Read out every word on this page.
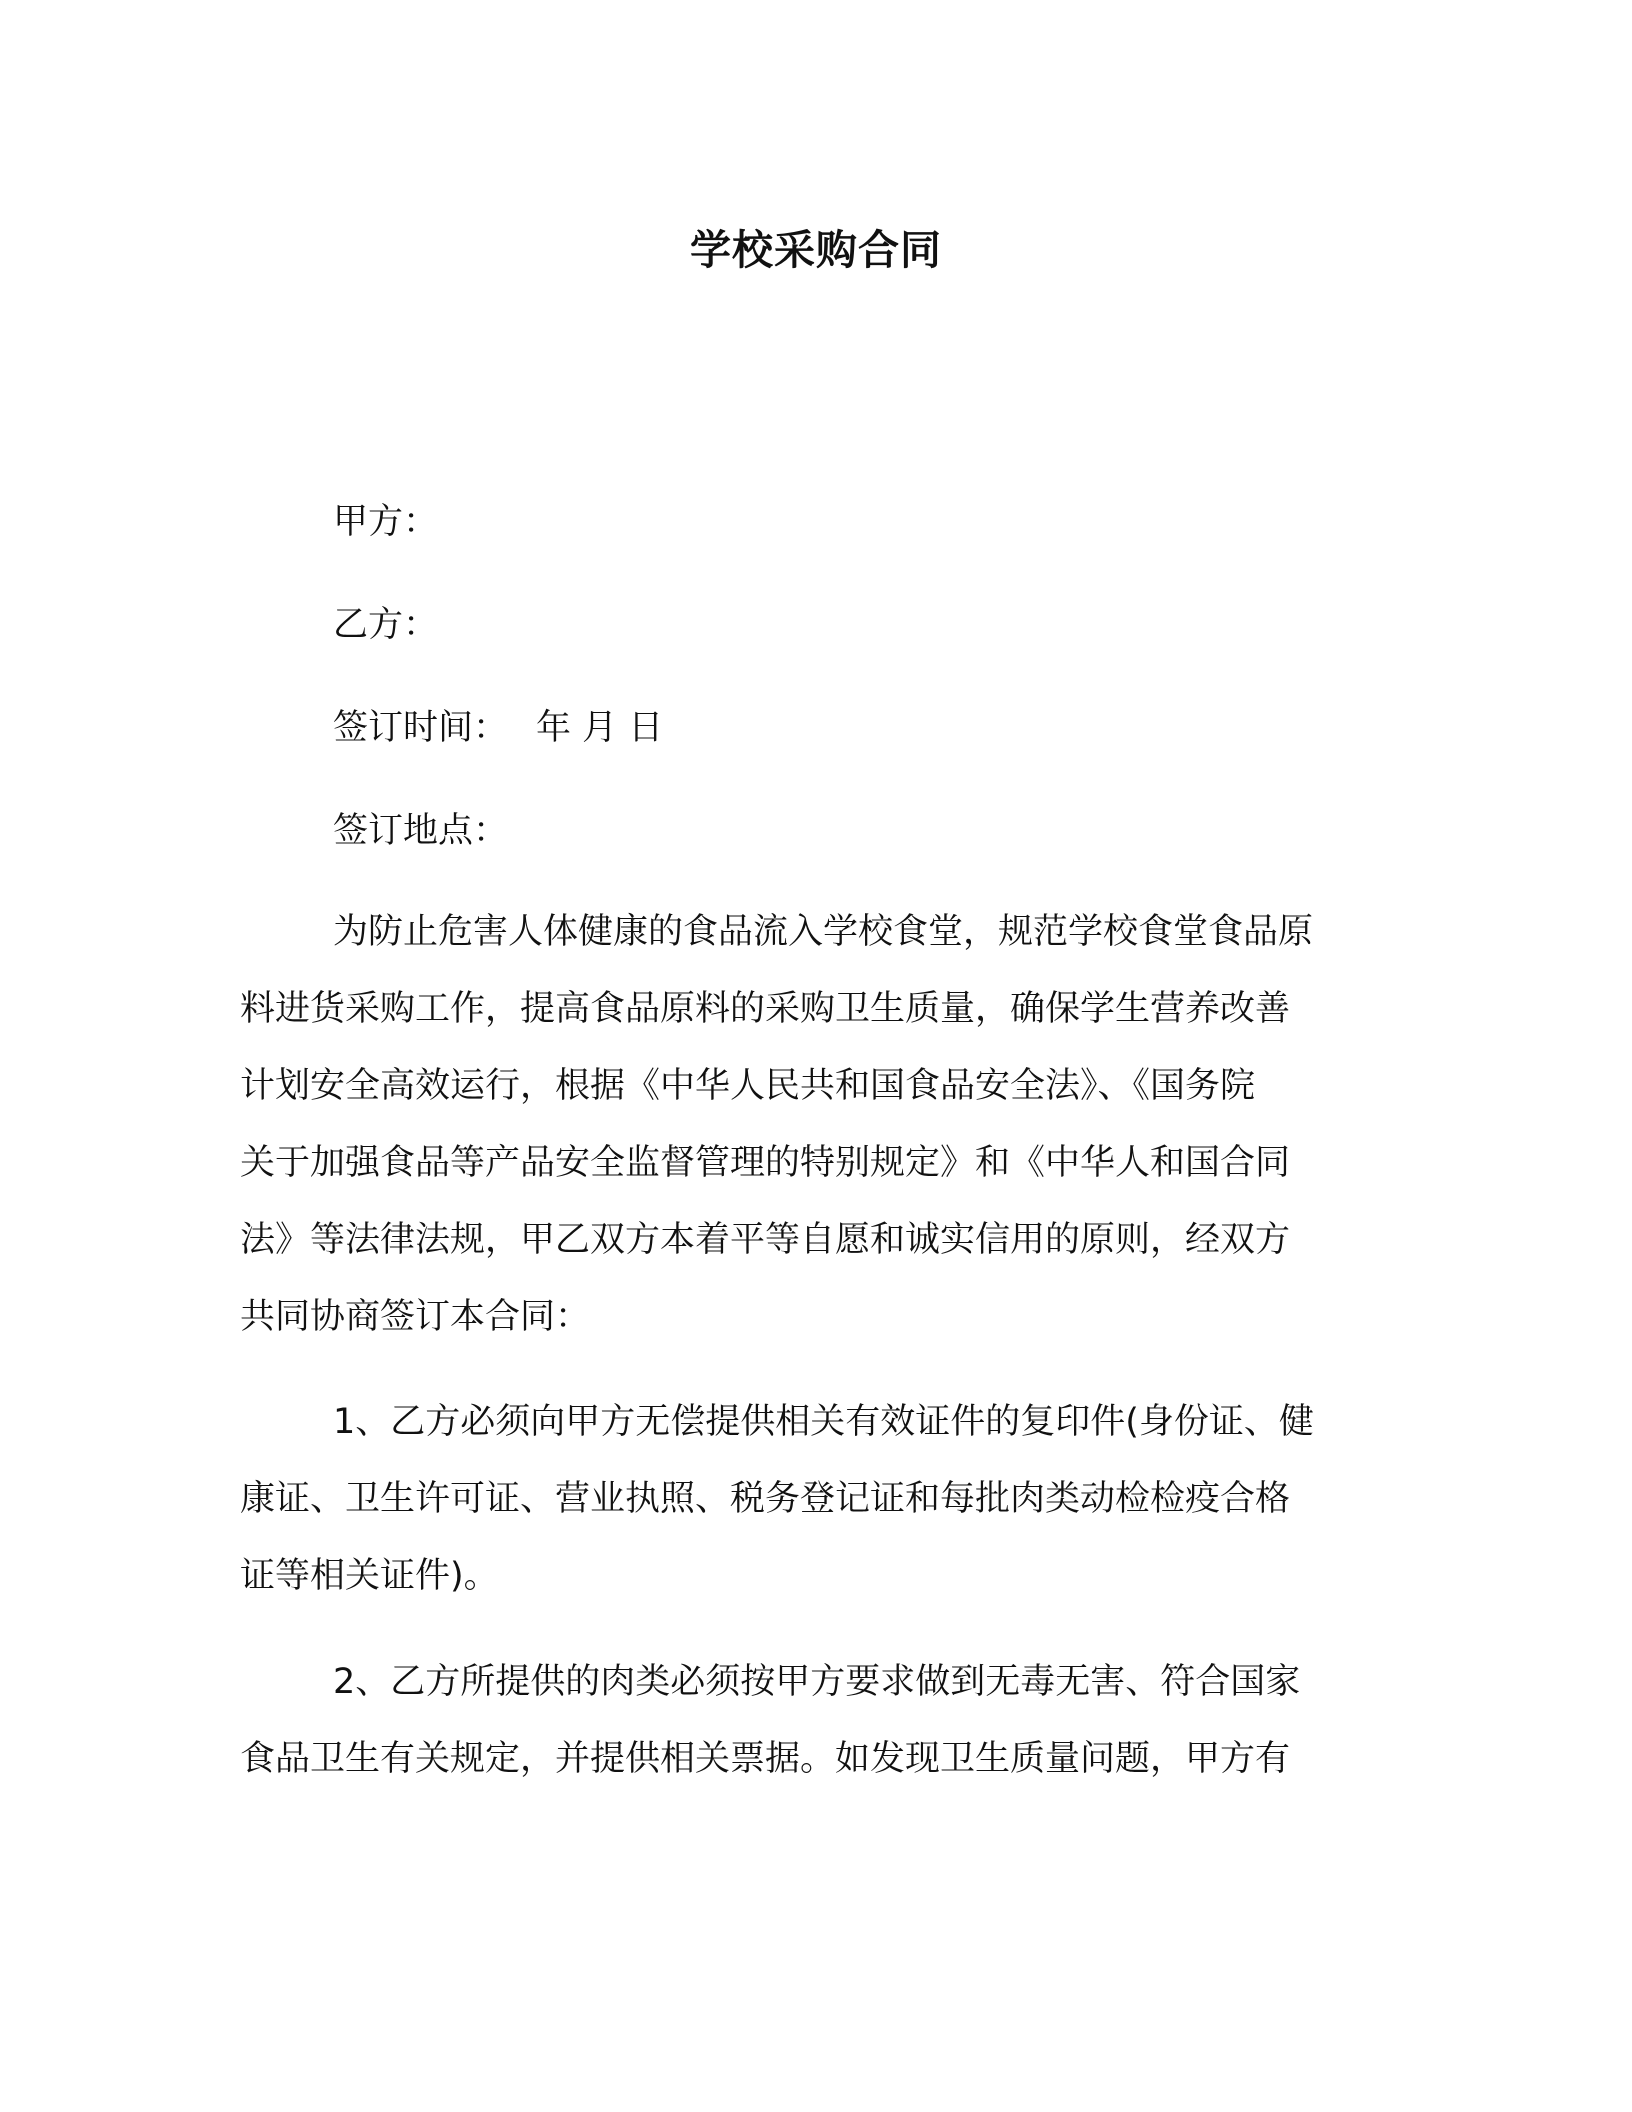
学校采购合同
甲方：
乙方：
签订时间： 年 月 日
签订地点：
为防止危害人体健康的食品流入学校食堂，规范学校食堂食品原
料进货采购工作，提高食品原料的采购卫生质量，确保学生营养改善
计划安全高效运行，根据《中华人民共和国食品安全法》、《国务院
关于加强食品等产品安全监督管理的特别规定》和《中华人和国合同
法》等法律法规，甲乙双方本着平等自愿和诚实信用的原则，经双方
共同协商签订本合同：
1、乙方必须向甲方无偿提供相关有效证件的复印件(身份证、健
康证、卫生许可证、营业执照、税务登记证和每批肉类动检检疫合格
证等相关证件)。
2、乙方所提供的肉类必须按甲方要求做到无毒无害、符合国家
食品卫生有关规定，并提供相关票据。如发现卫生质量问题，甲方有
